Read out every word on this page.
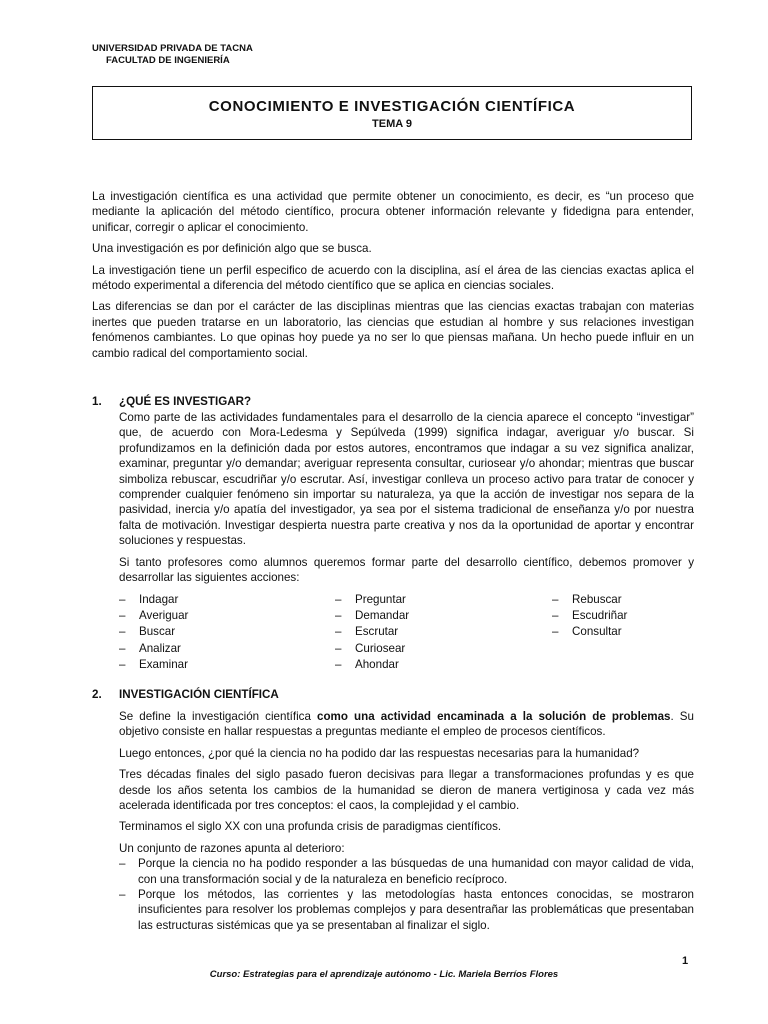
UNIVERSIDAD PRIVADA DE TACNA
FACULTAD DE INGENIERÍA
CONOCIMIENTO E INVESTIGACIÓN CIENTÍFICA
TEMA 9

La investigación científica es una actividad que permite obtener un conocimiento, es decir, es “un proceso que mediante la aplicación del método científico, procura obtener información relevante y fidedigna para entender, unificar, corregir o aplicar el conocimiento.

Una investigación es por definición algo que se busca.

La investigación tiene un perfil especifico de acuerdo con la disciplina, así el área de las ciencias exactas aplica el método experimental a diferencia del método científico que se aplica en ciencias sociales.

Las diferencias se dan por el carácter de las disciplinas mientras que las ciencias exactas trabajan con materias inertes que pueden tratarse en un laboratorio, las ciencias que estudian al hombre y sus relaciones investigan fenómenos cambiantes. Lo que opinas hoy puede ya no ser lo que piensas mañana. Un hecho puede influir en un cambio radical del comportamiento social.

1. ¿QUÉ ES INVESTIGAR?

Como parte de las actividades fundamentales para el desarrollo de la ciencia aparece el concepto “investigar” que, de acuerdo con Mora-Ledesma y Sepúlveda (1999) significa indagar, averiguar y/o buscar. Si profundizamos en la definición dada por estos autores, encontramos que indagar a su vez significa analizar, examinar, preguntar y/o demandar; averiguar representa consultar, curiosear y/o ahondar; mientras que buscar simboliza rebuscar, escudriñar y/o escrutar. Así, investigar conlleva un proceso activo para tratar de conocer y comprender cualquier fenómeno sin importar su naturaleza, ya que la acción de investigar nos separa de la pasividad, inercia y/o apatía del investigador, ya sea por el sistema tradicional de enseñanza y/o por nuestra falta de motivación. Investigar despierta nuestra parte creativa y nos da la oportunidad de aportar y encontrar soluciones y respuestas.

Si tanto profesores como alumnos queremos formar parte del desarrollo científico, debemos promover y desarrollar las siguientes acciones:

– Indagar
– Averiguar
– Buscar
– Analizar
– Examinar
– Preguntar
– Demandar
– Escrutar
– Curiosear
– Ahondar
– Rebuscar
– Escudriñar
– Consultar
2. INVESTIGACIÓN CIENTÍFICA

Se define la investigación científica como una actividad encaminada a la solución de problemas. Su objetivo consiste en hallar respuestas a preguntas mediante el empleo de procesos científicos.

Luego entonces, ¿por qué la ciencia no ha podido dar las respuestas necesarias para la humanidad?

Tres décadas finales del siglo pasado fueron decisivas para llegar a transformaciones profundas y es que desde los años setenta los cambios de la humanidad se dieron de manera vertiginosa y cada vez más acelerada identificada por tres conceptos: el caos, la complejidad y el cambio.

Terminamos el siglo XX con una profunda crisis de paradigmas científicos.

Un conjunto de razones apunta al deterioro:

–	Porque la ciencia no ha podido responder a las búsquedas de una humanidad con mayor calidad de vida, con una transformación social y de la naturaleza en beneficio recíproco.
–	Porque los métodos, las corrientes y las metodologías hasta entonces conocidas, se mostraron insuficientes para resolver los problemas complejos y para desentrañar las problemáticas que presentaban las estructuras sistémicas que ya se presentaban al finalizar el siglo.
1
Curso: Estrategias para el aprendizaje autónomo - Lic. Mariela Berríos Flores
